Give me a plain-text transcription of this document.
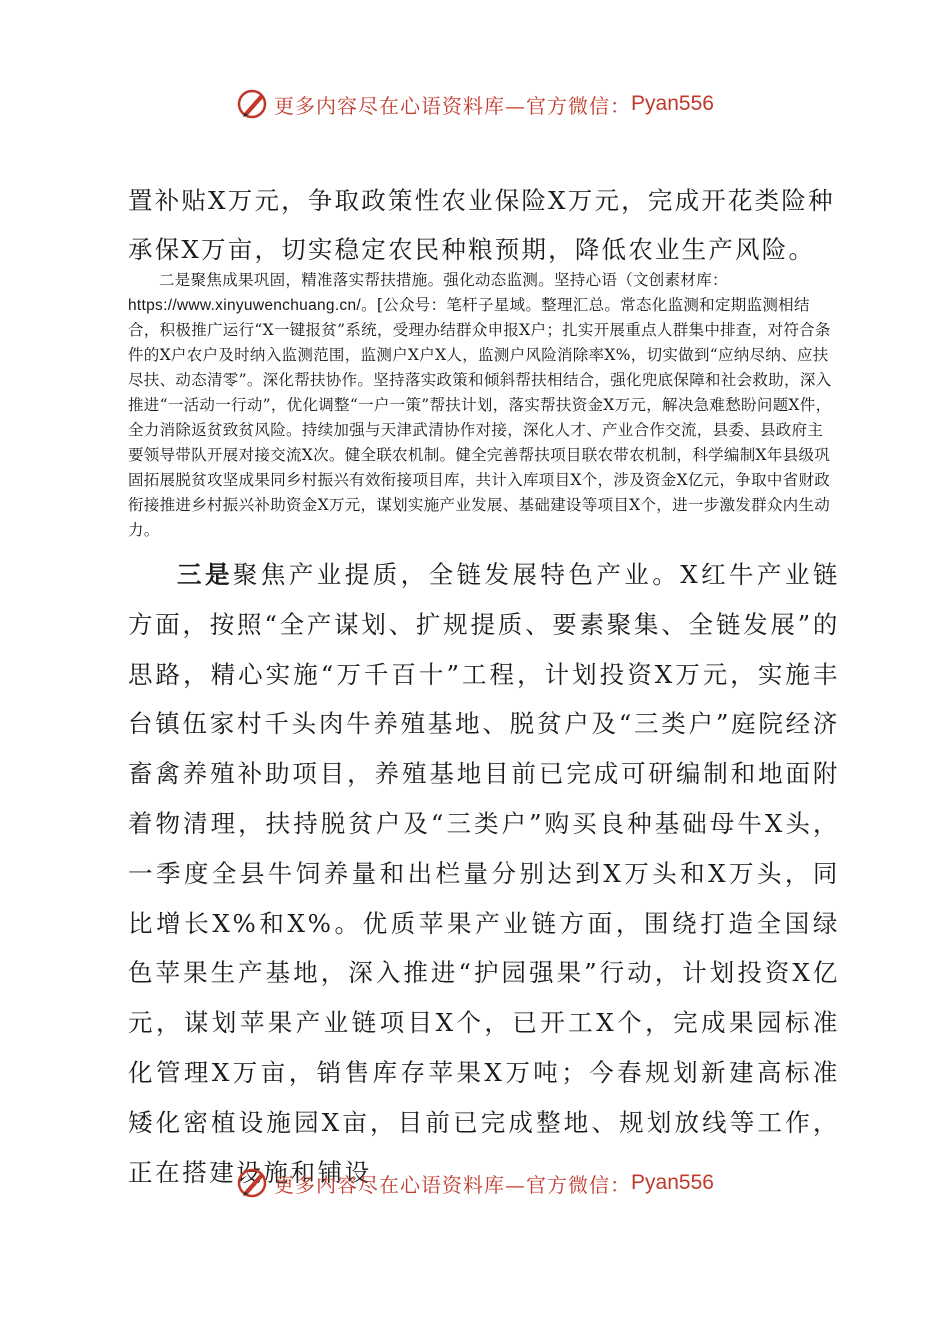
更多内容尽在心语资料库—官方微信： Pyan556

置补贴X万元，争取政策性农业保险X万元，完成开花类险种承保X万亩，切实稳定农民种粮预期，降低农业生产风险。

二是聚焦成果巩固，精准落实帮扶措施。强化动态监测。坚持心语（文创素材库：https://www.xinyuwenchuang.cn/。[公众号：笔杆子星域。整理汇总。常态化监测和定期监测相结合，积极推广运行“X一键报贫”系统，受理办结群众申报X户；扎实开展重点人群集中排查，对符合条件的X户农户及时纳入监测范围，监测户X户X人，监测户风险消除率X%，切实做到“应纳尽纳、应扶尽扶、动态清零”。深化帮扶协作。坚持落实政策和倾斜帮扶相结合，强化兜底保障和社会救助，深入推进“一活动一行动”，优化调整“一户一策”帮扶计划，落实帮扶资金X万元，解决急难愁盼问题X件，全力消除返贫致贫风险。持续加强与天津武清协作对接，深化人才、产业合作交流，县委、县政府主要领导带队开展对接交流X次。健全联农机制。健全完善帮扶项目联农带农机制，科学编制X年县级巩固拓展脱贫攻坚成果同乡村振兴有效衔接项目库，共计入库项目X个，涉及资金X亿元，争取中省财政衔接推进乡村振兴补助资金X万元，谋划实施产业发展、基础建设等项目X个，进一步激发群众内生动力。

三是聚焦产业提质，全链发展特色产业。X红牛产业链方面，按照“全产谋划、扩规提质、要素聚集、全链发展”的思路，精心实施“万千百十”工程，计划投资X万元，实施丰台镇伍家村千头肉牛养殖基地、脱贫户及“三类户”庭院经济畜禽养殖补助项目，养殖基地目前已完成可研编制和地面附着物清理，扶持脱贫户及“三类户”购买良种基础母牛X头，一季度全县牛饲养量和出栏量分别达到X万头和X万头，同比增长X%和X%。优质苹果产业链方面，围绕打造全国绿色苹果生产基地，深入推进“护园强果”行动，计划投资X亿元，谋划苹果产业链项目X个，已开工X个，完成果园标准化管理X万亩，销售库存苹果X万吨；今春规划新建高标准矮化密植设施园X亩，目前已完成整地、规划放线等工作，正在搭建设施和铺设

更多内容尽在心语资料库—官方微信： Pyan556
